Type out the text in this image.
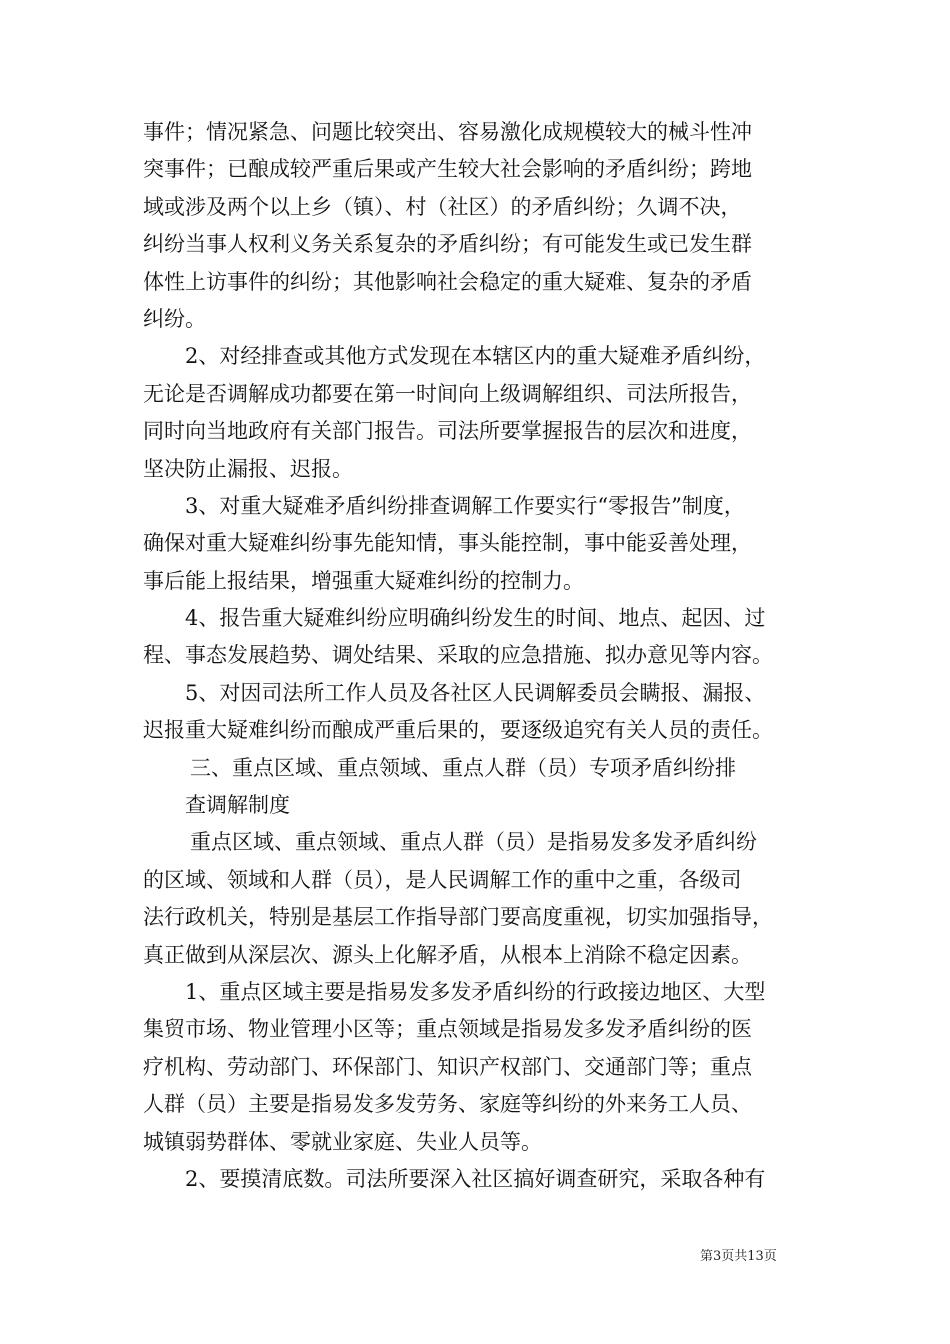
事件；情况紧急、问题比较突出、容易激化成规模较大的械斗性冲
突事件；已酿成较严重后果或产生较大社会影响的矛盾纠纷；跨地
域或涉及两个以上乡（镇）、村（社区）的矛盾纠纷；久调不决，
纠纷当事人权利义务关系复杂的矛盾纠纷；有可能发生或已发生群
体性上访事件的纠纷；其他影响社会稳定的重大疑难、复杂的矛盾
纠纷。
2、对经排查或其他方式发现在本辖区内的重大疑难矛盾纠纷，
无论是否调解成功都要在第一时间向上级调解组织、司法所报告，
同时向当地政府有关部门报告。司法所要掌握报告的层次和进度，
坚决防止漏报、迟报。
3、对重大疑难矛盾纠纷排查调解工作要实行“零报告”制度，
确保对重大疑难纠纷事先能知情，事头能控制，事中能妥善处理，
事后能上报结果，增强重大疑难纠纷的控制力。
4、报告重大疑难纠纷应明确纠纷发生的时间、地点、起因、过
程、事态发展趋势、调处结果、采取的应急措施、拟办意见等内容。
5、对因司法所工作人员及各社区人民调解委员会瞒报、漏报、
迟报重大疑难纠纷而酿成严重后果的，要逐级追究有关人员的责任。
三、重点区域、重点领域、重点人群（员）专项矛盾纠纷排
查调解制度
重点区域、重点领域、重点人群（员）是指易发多发矛盾纠纷
的区域、领域和人群（员），是人民调解工作的重中之重，各级司
法行政机关，特别是基层工作指导部门要高度重视，切实加强指导，
真正做到从深层次、源头上化解矛盾，从根本上消除不稳定因素。
1、重点区域主要是指易发多发矛盾纠纷的行政接边地区、大型
集贸市场、物业管理小区等；重点领域是指易发多发矛盾纠纷的医
疗机构、劳动部门、环保部门、知识产权部门、交通部门等；重点
人群（员）主要是指易发多发劳务、家庭等纠纷的外来务工人员、
城镇弱势群体、零就业家庭、失业人员等。
2、要摸清底数。司法所要深入社区搞好调查研究，采取各种有
第3页共13页
